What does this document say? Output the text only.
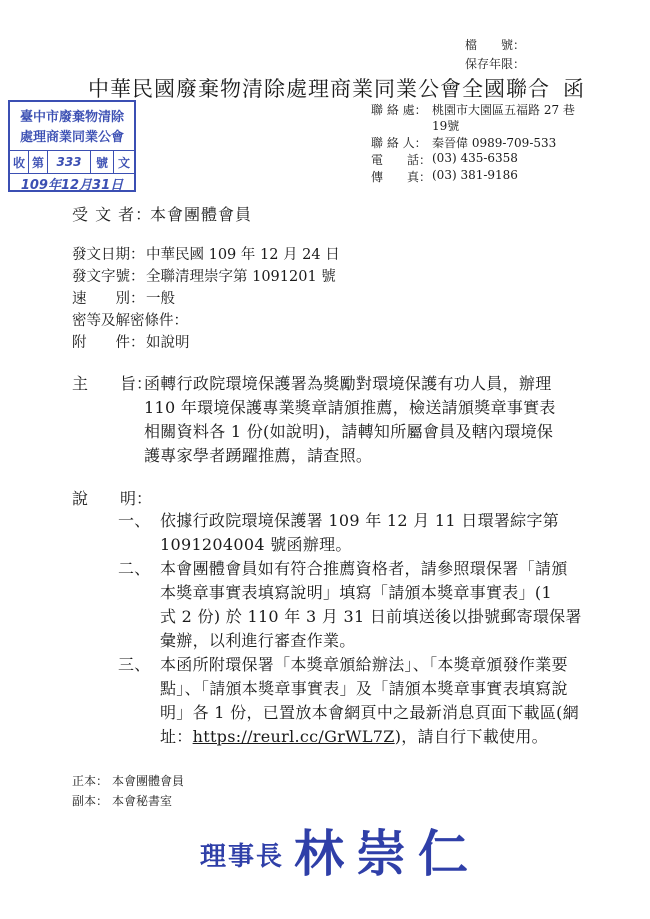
檔　　號：
保存年限：
中華民國廢棄物清除處理商業同業公會全國聯合 函
聯 絡 處： 桃園市大園區五福路 27 巷
19號
聯 絡 人： 秦晉偉 0989-709-533
電　　話： (03) 435-6358
傳　　真： (03) 381-9186
臺中市廢棄物清除
處理商業同業公會
收 第	333	號 文
109年12月31日
受 文 者：
本會團體會員
發文日期： 中華民國 109 年 12 月 24 日
發文字號： 全聯清理崇字第 1091201 號
速　　別： 一般
密等及解密條件：
附　　件： 如說明
主　　旨：
函轉行政院環境保護署為獎勵對環境保護有功人員，辦理
110 年環境保護專業獎章請頒推薦，檢送請頒獎章事實表
相關資料各 1 份(如說明)，請轉知所屬會員及轄內環境保
護專家學者踴躍推薦，請查照。
說　　明：
一、 依據行政院環境保護署 109 年 12 月 11 日環署綜字第
1091204004 號函辦理。
二、 本會團體會員如有符合推薦資格者，請參照環保署「請頒
本獎章事實表填寫說明」填寫「請頒本獎章事實表」(1
式 2 份) 於 110 年 3 月 31 日前填送後以掛號郵寄環保署
彙辦，以利進行審查作業。
三、 本函所附環保署「本獎章頒給辦法」、「本獎章頒發作業要
點」、「請頒本獎章事實表」及「請頒本獎章事實表填寫說
明」各 1 份，已置放本會網頁中之最新消息頁面下載區(網
址：https://reurl.cc/GrWL7Z)，請自行下載使用。
正本： 本會團體會員
副本： 本會秘書室
理事長 林崇仁
